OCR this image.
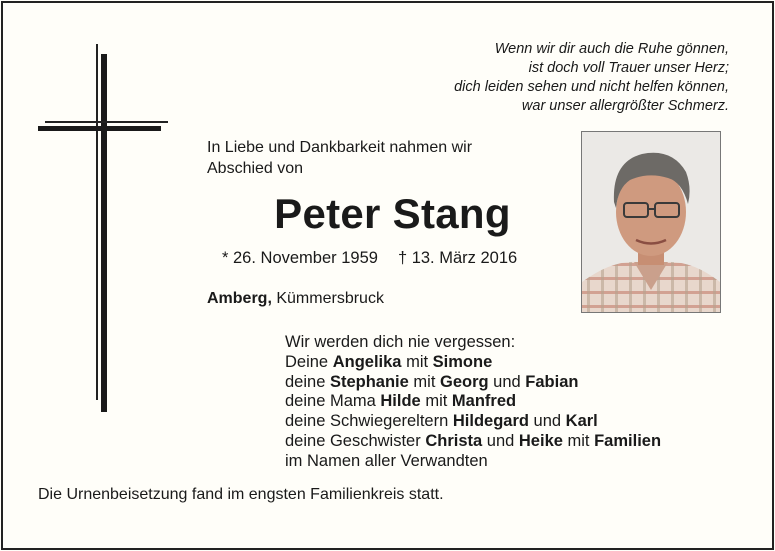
Wenn wir dir auch die Ruhe gönnen,
ist doch voll Trauer unser Herz;
dich leiden sehen und nicht helfen können,
war unser allergrößter Schmerz.
In Liebe und Dankbarkeit nahmen wir
Abschied von
Peter Stang
* 26. November 1959 † 13. März 2016
Amberg, Kümmersbruck
Wir werden dich nie vergessen:
Deine Angelika mit Simone
deine Stephanie mit Georg und Fabian
deine Mama Hilde mit Manfred
deine Schwiegereltern Hildegard und Karl
deine Geschwister Christa und Heike mit Familien
im Namen aller Verwandten
Die Urnenbeisetzung fand im engsten Familienkreis statt.
